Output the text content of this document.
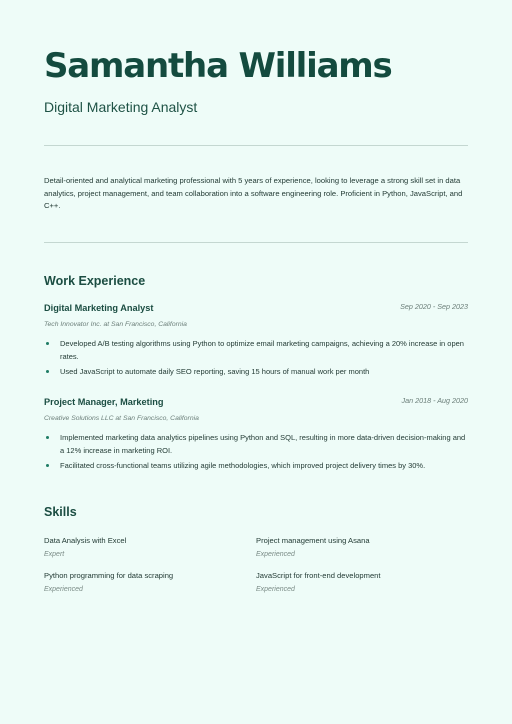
Samantha Williams
Digital Marketing Analyst
Detail-oriented and analytical marketing professional with 5 years of experience, looking to leverage a strong skill set in data analytics, project management, and team collaboration into a software engineering role. Proficient in Python, JavaScript, and C++.
Work Experience
Digital Marketing Analyst	Sep 2020 - Sep 2023
Tech Innovator Inc. at San Francisco, California
Developed A/B testing algorithms using Python to optimize email marketing campaigns, achieving a 20% increase in open rates.
Used JavaScript to automate daily SEO reporting, saving 15 hours of manual work per month
Project Manager, Marketing	Jan 2018 - Aug 2020
Creative Solutions LLC at San Francisco, California
Implemented marketing data analytics pipelines using Python and SQL, resulting in more data-driven decision-making and a 12% increase in marketing ROI.
Facilitated cross-functional teams utilizing agile methodologies, which improved project delivery times by 30%.
Skills
Data Analysis with Excel
Expert
Project management using Asana
Experienced
Python programming for data scraping
Experienced
JavaScript for front-end development
Experienced
